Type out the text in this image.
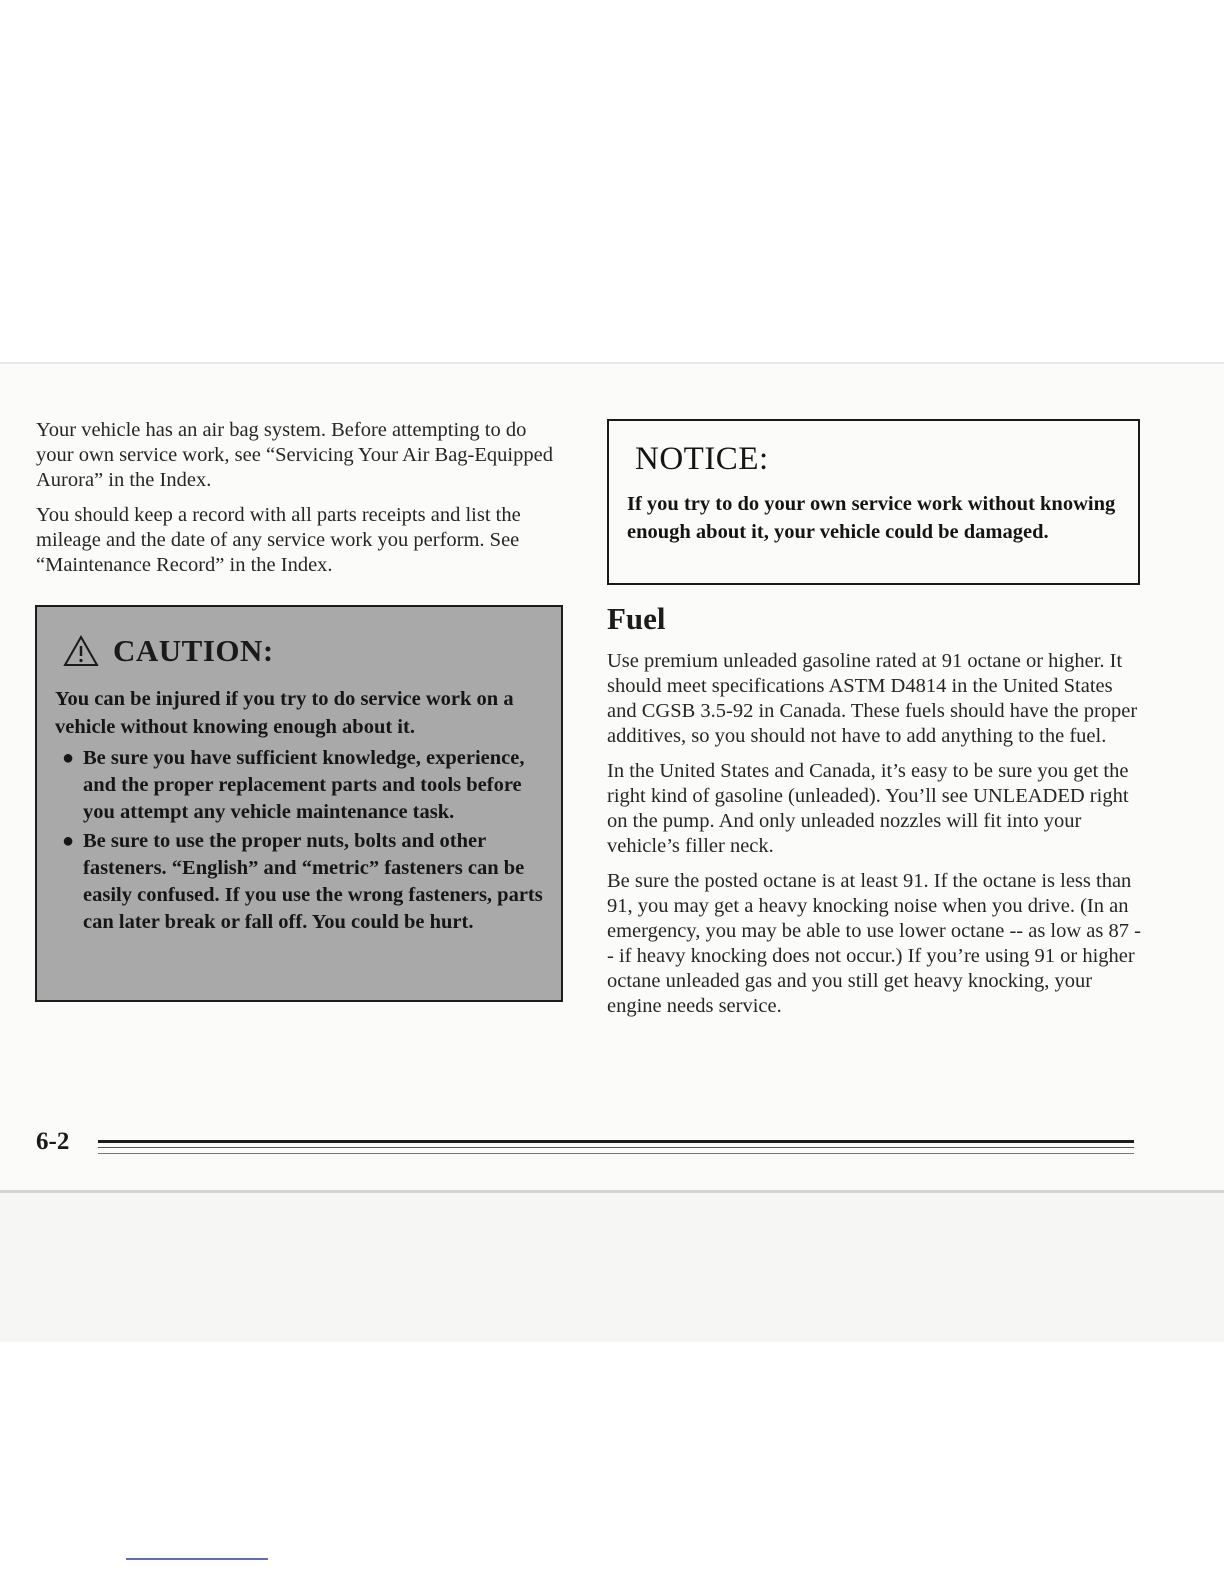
Your vehicle has an air bag system. Before attempting to do your own service work, see “Servicing Your Air Bag-Equipped Aurora” in the Index.

You should keep a record with all parts receipts and list the mileage and the date of any service work you perform. See “Maintenance Record” in the Index.

CAUTION:
You can be injured if you try to do service work on a vehicle without knowing enough about it.
● Be sure you have sufficient knowledge, experience, and the proper replacement parts and tools before you attempt any vehicle maintenance task.
● Be sure to use the proper nuts, bolts and other fasteners. “English” and “metric” fasteners can be easily confused. If you use the wrong fasteners, parts can later break or fall off. You could be hurt.
NOTICE:
If you try to do your own service work without knowing enough about it, your vehicle could be damaged.
Fuel

Use premium unleaded gasoline rated at 91 octane or higher. It should meet specifications ASTM D4814 in the United States and CGSB 3.5-92 in Canada. These fuels should have the proper additives, so you should not have to add anything to the fuel.

In the United States and Canada, it’s easy to be sure you get the right kind of gasoline (unleaded). You’ll see UNLEADED right on the pump. And only unleaded nozzles will fit into your vehicle’s filler neck.

Be sure the posted octane is at least 91. If the octane is less than 91, you may get a heavy knocking noise when you drive. (In an emergency, you may be able to use lower octane -- as low as 87 -- if heavy knocking does not occur.) If you’re using 91 or higher octane unleaded gas and you still get heavy knocking, your engine needs service.

6-2
